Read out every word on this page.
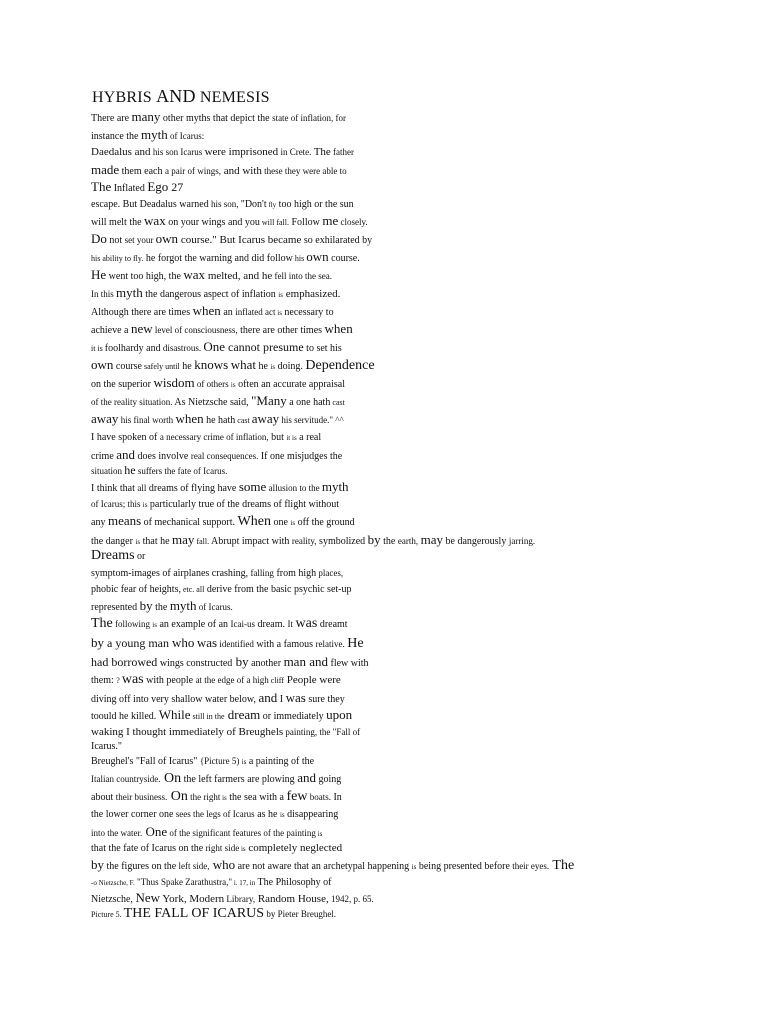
HYBRIS AND NEMESIS
There are many other myths that depict the state of inflation, for
instance the myth of Icarus:
Daedalus and his son Icarus were imprisoned in Crete. The father
made them each a pair of wings, and with these they were able to
The Inflated Ego 27
escape. But Deadalus warned his son, "Don't fly too high or the sun
will melt the wax on your wings and you will fall. Follow me closely.
Do not set your own course." But Icarus became so exhilarated by
his ability to fly. he forgot the warning and did follow his own course.
He went too high, the wax melted, and he fell into the sea.
In this myth the dangerous aspect of inflation is emphasized.
Although there are times when an inflated act is necessary to
achieve a new level of consciousness, there are other times when
it is foolhardy and disastrous. One cannot presume to set his
own course safely until he knows what he is doing. Dependence
on the superior wisdom of others is often an accurate appraisal
of the reality situation. As Nietzsche said, "Many a one hath cast
away his final worth when he hath cast away his servitude." ^^
I have spoken of a necessary crime of inflation, but it is a real
crime and does involve real consequences. If one misjudges the
situation he suffers the fate of Icarus.
I think that all dreams of flying have some allusion to the myth
of Icarus; this is particularly true of the dreams of flight without
any means of mechanical support. When one is off the ground
the danger is that he may fall. Abrupt impact with reality, symbolized by the earth, may be dangerously jarring.
Dreams or
symptom-images of airplanes crashing, falling from high places,
phobic fear of heights, etc. all derive from the basic psychic set-up
represented by the myth of Icarus.
The following is an example of an Icai-us dream. It was dreamt
by a young man who was identified with a famous relative. He
had borrowed wings constructed by another man and flew with
them: ? was with people at the edge of a high cliff People were
diving off into very shallow water below, and I was sure they
toould he killed. While still in the dream or immediately upon
waking I thought immediately of Breughels painting, the "Fall of
Icarus."
Breughel's "Fall of Icarus" {Picture 5) is a painting of the
Italian countryside. On the left farmers are plowing and going
about their business. On the right is the sea with a few boats. In
the lower corner one sees the legs of Icarus as he is disappearing
into the water. One of the significant features of the painting is
that the fate of Icarus on the right side is completely neglected
by the figures on the left side, who are not aware that an archetypal happening is being presented before their eyes. The
-o Nietzsche, F. "Thus Spake Zarathustra," i. 17, in The Philosophy of
Nietzsche, New York, Modern Library, Random House, 1942, p. 65.
Picture 5. THE FALL OF ICARUS by Pieter Breughel.
